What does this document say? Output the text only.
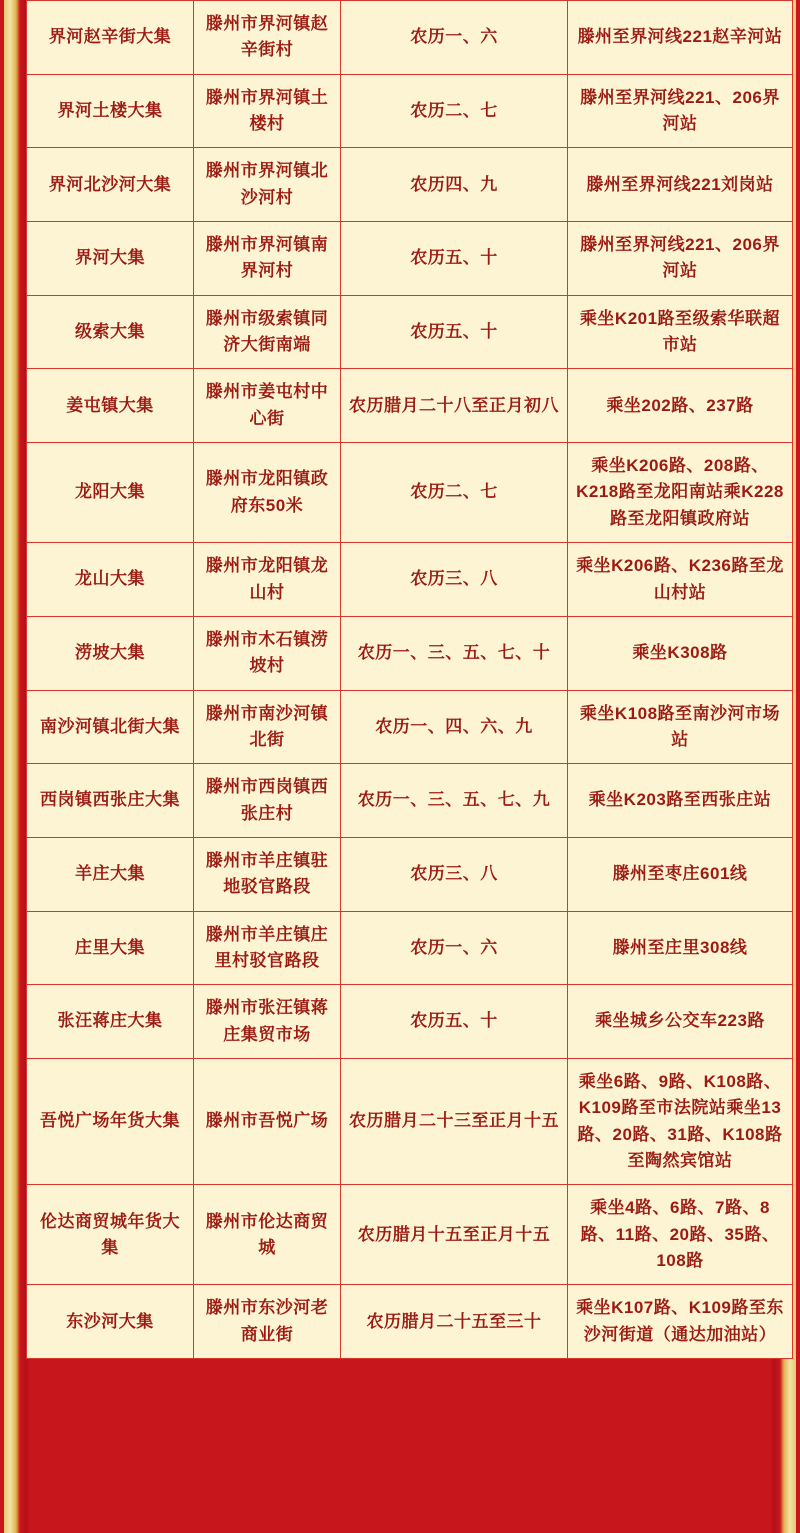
界河赵辛街大集	滕州市界河镇赵辛街村	农历一、六	滕州至界河线221赵辛河站
界河土楼大集	滕州市界河镇土楼村	农历二、七	滕州至界河线221、206界河站
界河北沙河大集	滕州市界河镇北沙河村	农历四、九	滕州至界河线221刘岗站
界河大集	滕州市界河镇南界河村	农历五、十	滕州至界河线221、206界河站
级索大集	滕州市级索镇同济大街南端	农历五、十	乘坐K201路至级索华联超市站
姜屯镇大集	滕州市姜屯村中心街	农历腊月二十八至正月初八	乘坐202路、237路
龙阳大集	滕州市龙阳镇政府东50米	农历二、七	乘坐K206路、208路、K218路至龙阳南站乘K228路至龙阳镇政府站
龙山大集	滕州市龙阳镇龙山村	农历三、八	乘坐K206路、K236路至龙山村站
涝坡大集	滕州市木石镇涝坡村	农历一、三、五、七、十	乘坐K308路
南沙河镇北街大集	滕州市南沙河镇北街	农历一、四、六、九	乘坐K108路至南沙河市场站
西岗镇西张庄大集	滕州市西岗镇西张庄村	农历一、三、五、七、九	乘坐K203路至西张庄站
羊庄大集	滕州市羊庄镇驻地驳官路段	农历三、八	滕州至枣庄601线
庄里大集	滕州市羊庄镇庄里村驳官路段	农历一、六	滕州至庄里308线
张汪蒋庄大集	滕州市张汪镇蒋庄集贸市场	农历五、十	乘坐城乡公交车223路
吾悦广场年货大集	滕州市吾悦广场	农历腊月二十三至正月十五	乘坐6路、9路、K108路、K109路至市法院站乘坐13路、20路、31路、K108路至陶然宾馆站
伦达商贸城年货大集	滕州市伦达商贸城	农历腊月十五至正月十五	乘坐4路、6路、7路、8路、11路、20路、35路、108路
东沙河大集	滕州市东沙河老商业街	农历腊月二十五至三十	乘坐K107路、K109路至东沙河街道（通达加油站）
